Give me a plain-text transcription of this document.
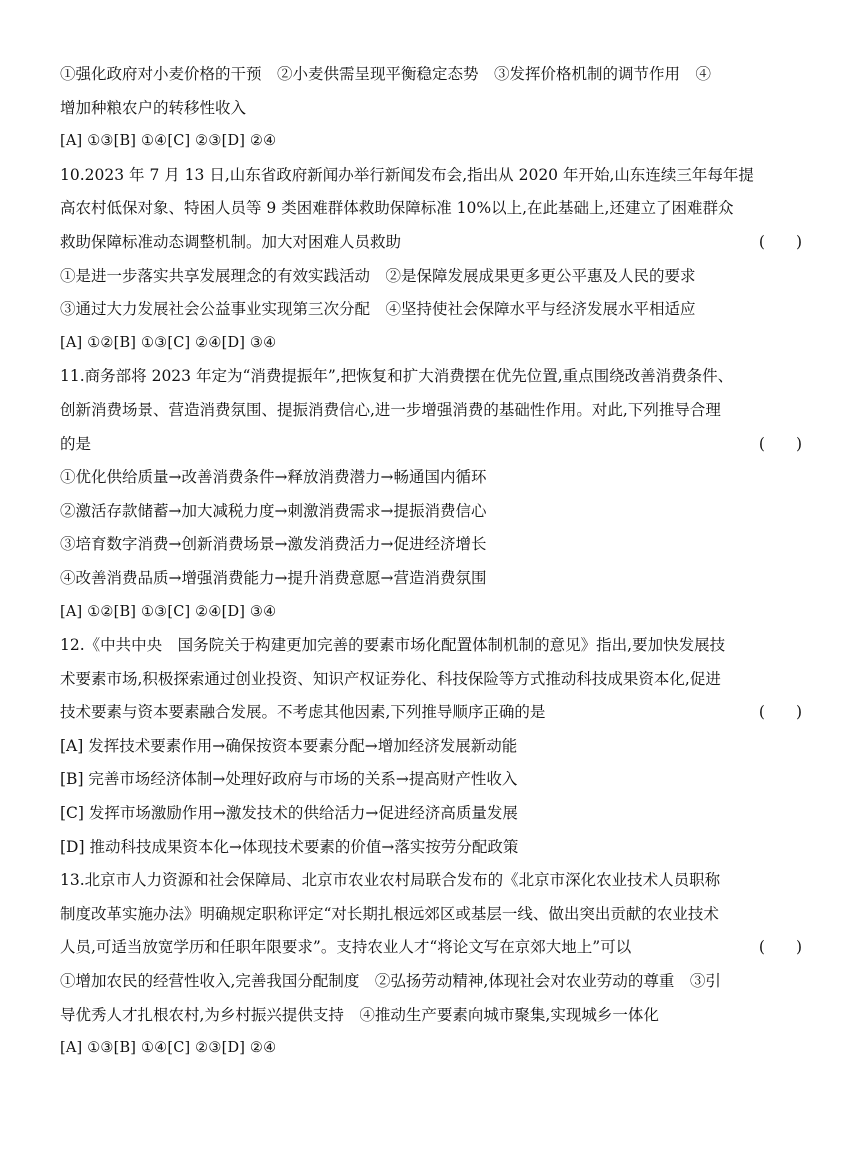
①强化政府对小麦价格的干预　②小麦供需呈现平衡稳定态势　③发挥价格机制的调节作用　④
增加种粮农户的转移性收入
[A] ①③[B] ①④[C] ②③[D] ②④
10.2023 年 7 月 13 日,山东省政府新闻办举行新闻发布会,指出从 2020 年开始,山东连续三年每年提
高农村低保对象、特困人员等 9 类困难群体救助保障标准 10%以上,在此基础上,还建立了困难群众
救助保障标准动态调整机制。加大对困难人员救助	(　　)
①是进一步落实共享发展理念的有效实践活动　②是保障发展成果更多更公平惠及人民的要求
③通过大力发展社会公益事业实现第三次分配　④坚持使社会保障水平与经济发展水平相适应
[A] ①②[B] ①③[C] ②④[D] ③④
11.商务部将 2023 年定为“消费提振年”,把恢复和扩大消费摆在优先位置,重点围绕改善消费条件、
创新消费场景、营造消费氛围、提振消费信心,进一步增强消费的基础性作用。对此,下列推导合理
的是	(　　)
①优化供给质量→改善消费条件→释放消费潜力→畅通国内循环
②激活存款储蓄→加大减税力度→刺激消费需求→提振消费信心
③培育数字消费→创新消费场景→激发消费活力→促进经济增长
④改善消费品质→增强消费能力→提升消费意愿→营造消费氛围
[A] ①②[B] ①③[C] ②④[D] ③④
12.《中共中央　国务院关于构建更加完善的要素市场化配置体制机制的意见》指出,要加快发展技
术要素市场,积极探索通过创业投资、知识产权证券化、科技保险等方式推动科技成果资本化,促进
技术要素与资本要素融合发展。不考虑其他因素,下列推导顺序正确的是	(　　)
[A] 发挥技术要素作用→确保按资本要素分配→增加经济发展新动能
[B] 完善市场经济体制→处理好政府与市场的关系→提高财产性收入
[C] 发挥市场激励作用→激发技术的供给活力→促进经济高质量发展
[D] 推动科技成果资本化→体现技术要素的价值→落实按劳分配政策
13.北京市人力资源和社会保障局、北京市农业农村局联合发布的《北京市深化农业技术人员职称
制度改革实施办法》明确规定职称评定“对长期扎根远郊区或基层一线、做出突出贡献的农业技术
人员,可适当放宽学历和任职年限要求”。支持农业人才“将论文写在京郊大地上”可以	(　　)
①增加农民的经营性收入,完善我国分配制度　②弘扬劳动精神,体现社会对农业劳动的尊重　③引
导优秀人才扎根农村,为乡村振兴提供支持　④推动生产要素向城市聚集,实现城乡一体化
[A] ①③[B] ①④[C] ②③[D] ②④
